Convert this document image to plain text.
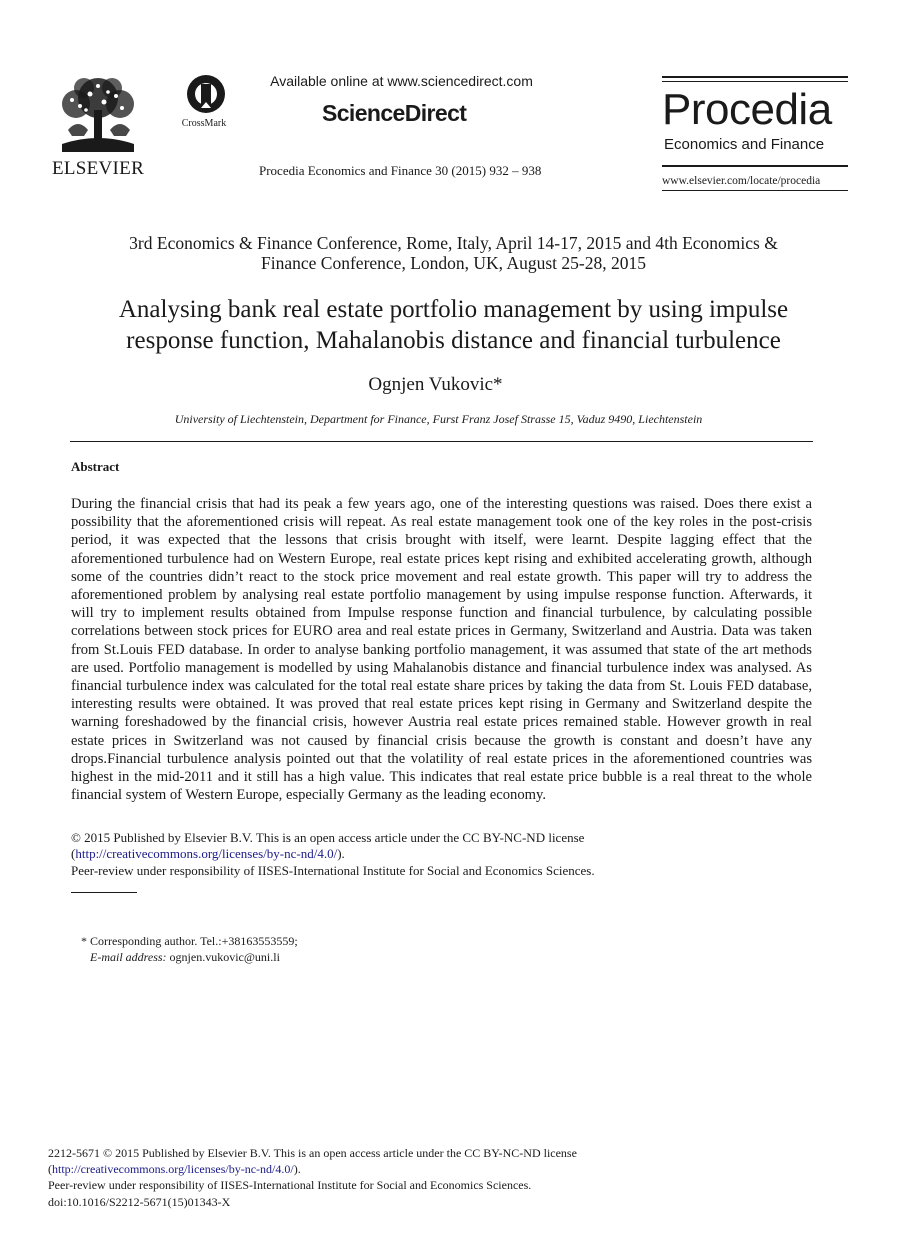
ELSEVIER
CrossMark
Available online at www.sciencedirect.com
ScienceDirect
Procedia Economics and Finance 30 (2015) 932 – 938
Procedia
Economics and Finance
www.elsevier.com/locate/procedia
3rd Economics & Finance Conference, Rome, Italy, April 14-17, 2015 and 4th Economics &
Finance Conference, London, UK, August 25-28, 2015
Analysing bank real estate portfolio management by using impulse
response function, Mahalanobis distance and financial turbulence
Ognjen Vukovic*
University of Liechtenstein, Department for Finance, Furst Franz Josef Strasse 15, Vaduz 9490, Liechtenstein
Abstract

During the financial crisis that had its peak a few years ago, one of the interesting questions was raised. Does there exist a possibility that the aforementioned crisis will repeat. As real estate management took one of the key roles in the post-crisis period, it was expected that the lessons that crisis brought with itself, were learnt. Despite lagging effect that the aforementioned turbulence had on Western Europe, real estate prices kept rising and exhibited accelerating growth, although some of the countries didn’t react to the stock price movement and real estate growth. This paper will try to address the aforementioned problem by analysing real estate portfolio management by using impulse response function. Afterwards, it will try to implement results obtained from Impulse response function and financial turbulence, by calculating possible correlations between stock prices for EURO area and real estate prices in Germany, Switzerland and Austria. Data was taken from St.Louis FED database. In order to analyse banking portfolio management, it was assumed that state of the art methods are used. Portfolio management is modelled by using Mahalanobis distance and financial turbulence index was analysed. As financial turbulence index was calculated for the total real estate share prices by taking the data from St. Louis FED database, interesting results were obtained. It was proved that real estate prices kept rising in Germany and Switzerland despite the warning foreshadowed by the financial crisis, however Austria real estate prices remained stable. However growth in real estate prices in Switzerland was not caused by financial crisis because the growth is constant and doesn’t have any drops.Financial turbulence analysis pointed out that the volatility of real estate prices in the aforementioned countries was highest in the mid-2011 and it still has a high value. This indicates that real estate price bubble is a real threat to the whole financial system of Western Europe, especially Germany as the leading economy.

© 2015 Published by Elsevier B.V. This is an open access article under the CC BY-NC-ND license

(http://creativecommons.org/licenses/by-nc-nd/4.0/).

Peer-review under responsibility of IISES-International Institute for Social and Economics Sciences.

* Corresponding author. Tel.:+38163553559;

E-mail address: ognjen.vukovic@uni.li

2212-5671 © 2015 Published by Elsevier B.V. This is an open access article under the CC BY-NC-ND license

(http://creativecommons.org/licenses/by-nc-nd/4.0/).

Peer-review under responsibility of IISES-International Institute for Social and Economics Sciences.

doi:10.1016/S2212-5671(15)01343-X
